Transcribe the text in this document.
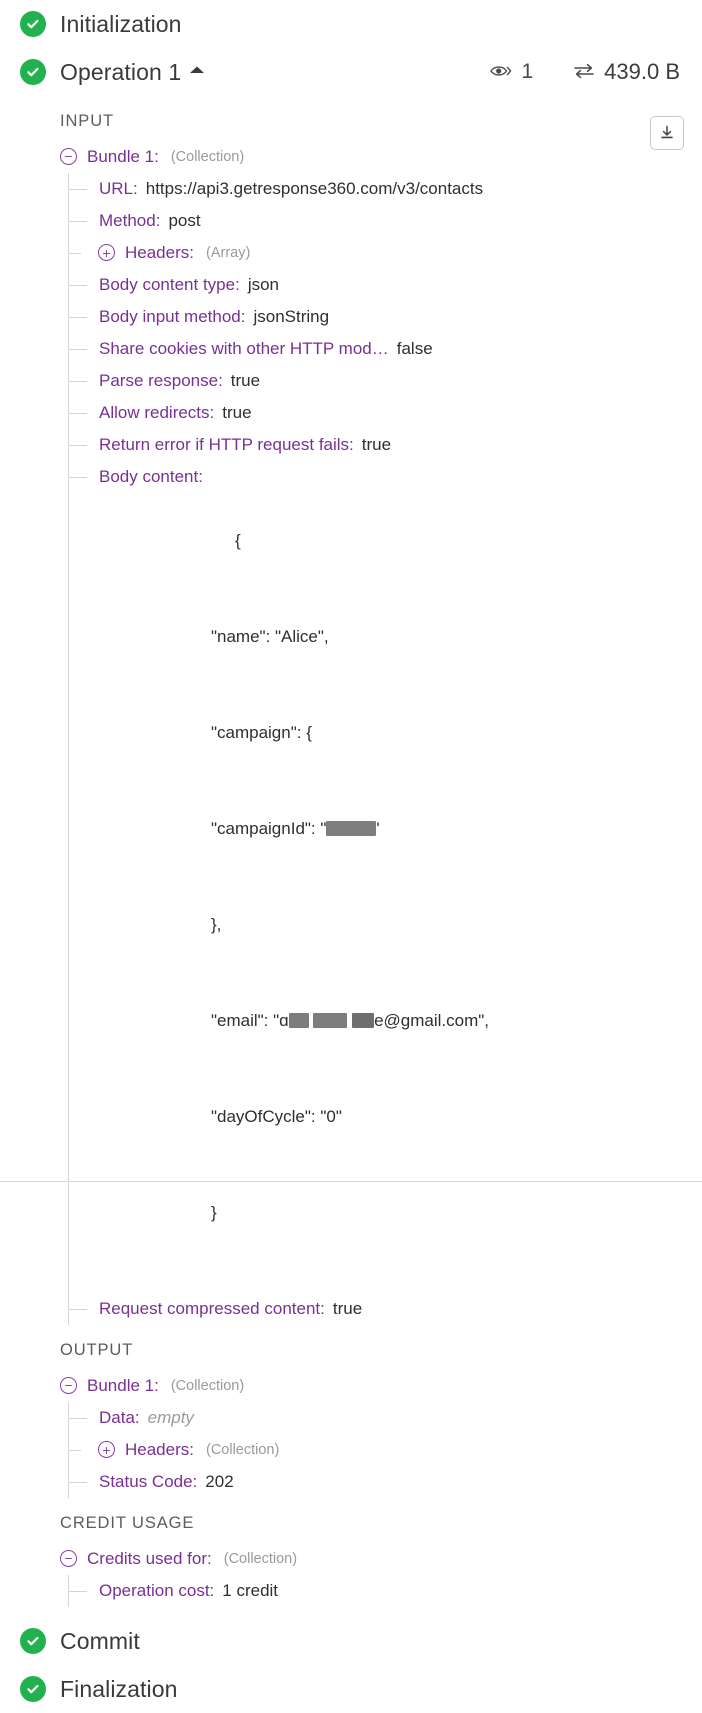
Initialization
Operation 1	1	439.0 B
INPUT
− Bundle 1: (Collection)
URL: https://api3.getresponse360.com/v3/contacts
Method: post
+ Headers: (Array)
Body content type: json
Body input method: jsonString
Share cookies with other HTTP mod… false
Parse response: true
Allow redirects: true
Return error if HTTP request fails: true
Body content:

{

"name": "Alice",

"campaign": {

"campaignId": "	'

},

"email": "ɑ	e@gmail.com",

"dayOfCycle": "0"

}

Request compressed content: true
OUTPUT
− Bundle 1: (Collection)
Data: empty
+ Headers: (Collection)
Status Code: 202
CREDIT USAGE
− Credits used for: (Collection)
Operation cost: 1 credit
Commit
Finalization
